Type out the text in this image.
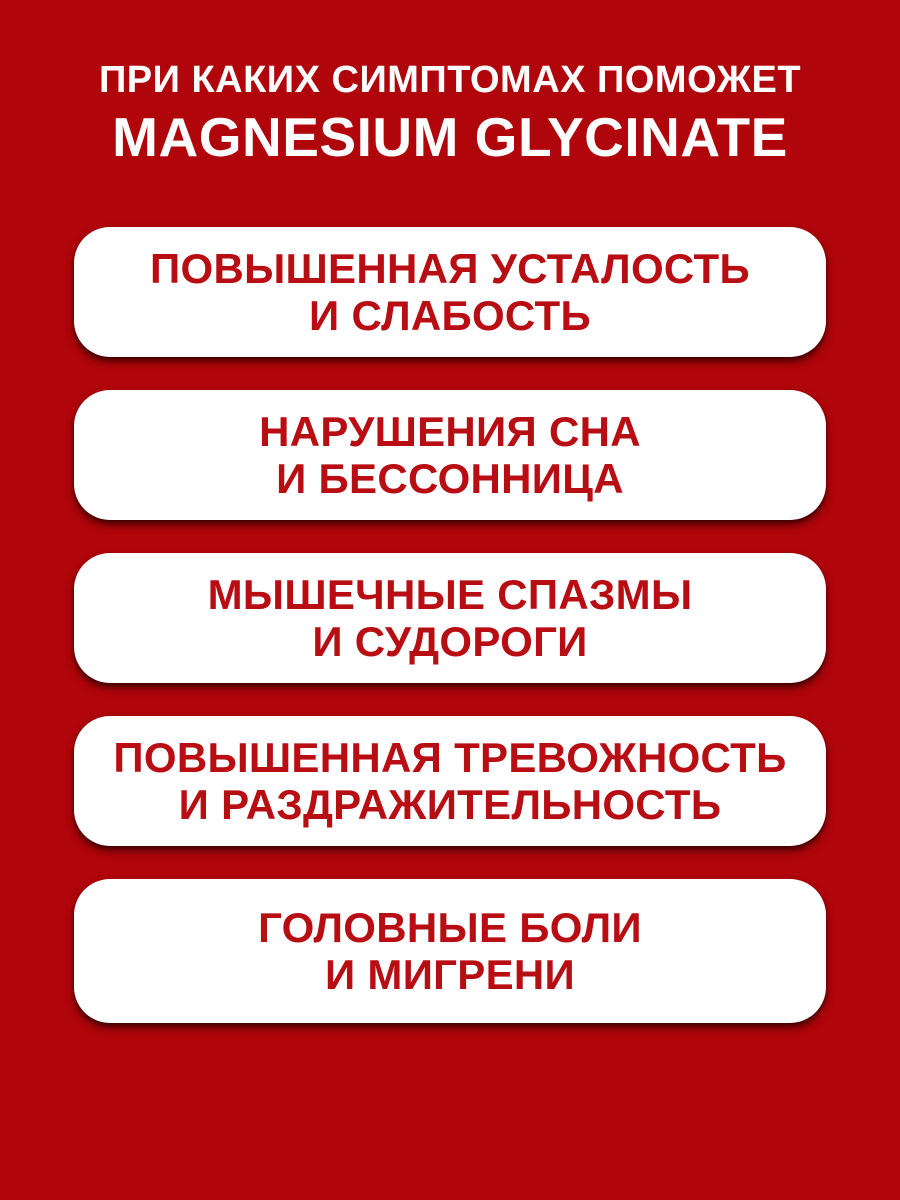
ПРИ КАКИХ СИМПТОМАХ ПОМОЖЕТ
MAGNESIUM GLYCINATE
ПОВЫШЕННАЯ УСТАЛОСТЬ
И СЛАБОСТЬ
НАРУШЕНИЯ СНА
И БЕССОННИЦА
МЫШЕЧНЫЕ СПАЗМЫ
И СУДОРОГИ
ПОВЫШЕННАЯ ТРЕВОЖНОСТЬ
И РАЗДРАЖИТЕЛЬНОСТЬ
ГОЛОВНЫЕ БОЛИ
И МИГРЕНИ
